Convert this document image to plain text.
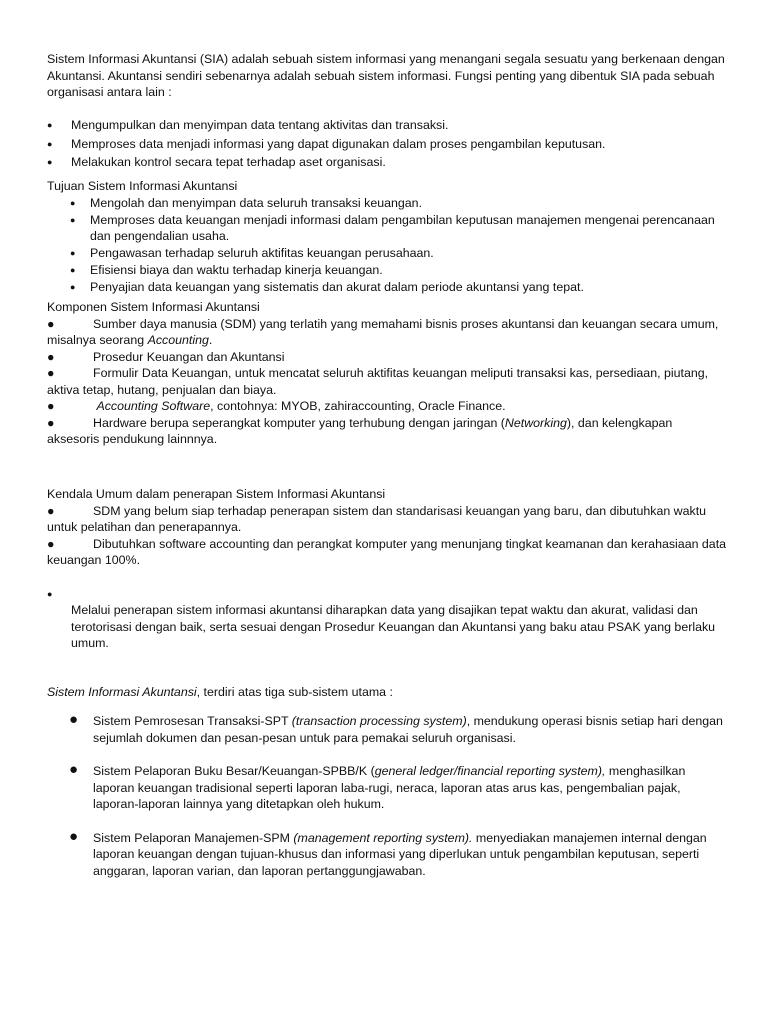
Sistem Informasi Akuntansi (SIA) adalah sebuah sistem informasi yang menangani segala sesuatu yang berkenaan dengan Akuntansi. Akuntansi sendiri sebenarnya adalah sebuah sistem informasi. Fungsi penting yang dibentuk SIA pada sebuah organisasi antara lain :

● Mengumpulkan dan menyimpan data tentang aktivitas dan transaksi.
● Memproses data menjadi informasi yang dapat digunakan dalam proses pengambilan keputusan.
● Melakukan kontrol secara tepat terhadap aset organisasi.

Tujuan Sistem Informasi Akuntansi

● Mengolah dan menyimpan data seluruh transaksi keuangan.
● Memproses data keuangan menjadi informasi dalam pengambilan keputusan manajemen mengenai perencanaan dan pengendalian usaha.
● Pengawasan terhadap seluruh aktifitas keuangan perusahaan.
● Efisiensi biaya dan waktu terhadap kinerja keuangan.
● Penyajian data keuangan yang sistematis dan akurat dalam periode akuntansi yang tepat.

Komponen Sistem Informasi Akuntansi

●	Sumber daya manusia (SDM) yang terlatih yang memahami bisnis proses akuntansi dan keuangan secara umum, misalnya seorang Accounting.
●	Prosedur Keuangan dan Akuntansi
●	Formulir Data Keuangan, untuk mencatat seluruh aktifitas keuangan meliputi transaksi kas, persediaan, piutang, aktiva tetap, hutang, penjualan dan biaya.
●	Accounting Software, contohnya: MYOB, zahiraccounting, Oracle Finance.
●	Hardware berupa seperangkat komputer yang terhubung dengan jaringan (Networking), dan kelengkapan aksesoris pendukung lainnnya.

Kendala Umum dalam penerapan Sistem Informasi Akuntansi

●	SDM yang belum siap terhadap penerapan sistem dan standarisasi keuangan yang baru, dan dibutuhkan waktu untuk pelatihan dan penerapannya.
●	Dibutuhkan software accounting dan perangkat komputer yang menunjang tingkat keamanan dan kerahasiaan data keuangan 100%.
●

Melalui penerapan sistem informasi akuntansi diharapkan data yang disajikan tepat waktu dan akurat, validasi dan terotorisasi dengan baik, serta sesuai dengan Prosedur Keuangan dan Akuntansi yang baku atau PSAK yang berlaku umum.

Sistem Informasi Akuntansi, terdiri atas tiga sub-sistem utama :

● Sistem Pemrosesan Transaksi-SPT (transaction processing system), mendukung operasi bisnis setiap hari dengan sejumlah dokumen dan pesan-pesan untuk para pemakai seluruh organisasi.
● Sistem Pelaporan Buku Besar/Keuangan-SPBB/K (general ledger/financial reporting system), menghasilkan laporan keuangan tradisional seperti laporan laba-rugi, neraca, laporan atas arus kas, pengembalian pajak, laporan-laporan lainnya yang ditetapkan oleh hukum.
● Sistem Pelaporan Manajemen-SPM (management reporting system). menyediakan manajemen internal dengan laporan keuangan dengan tujuan-khusus dan informasi yang diperlukan untuk pengambilan keputusan, seperti anggaran, laporan varian, dan laporan pertanggungjawaban.
